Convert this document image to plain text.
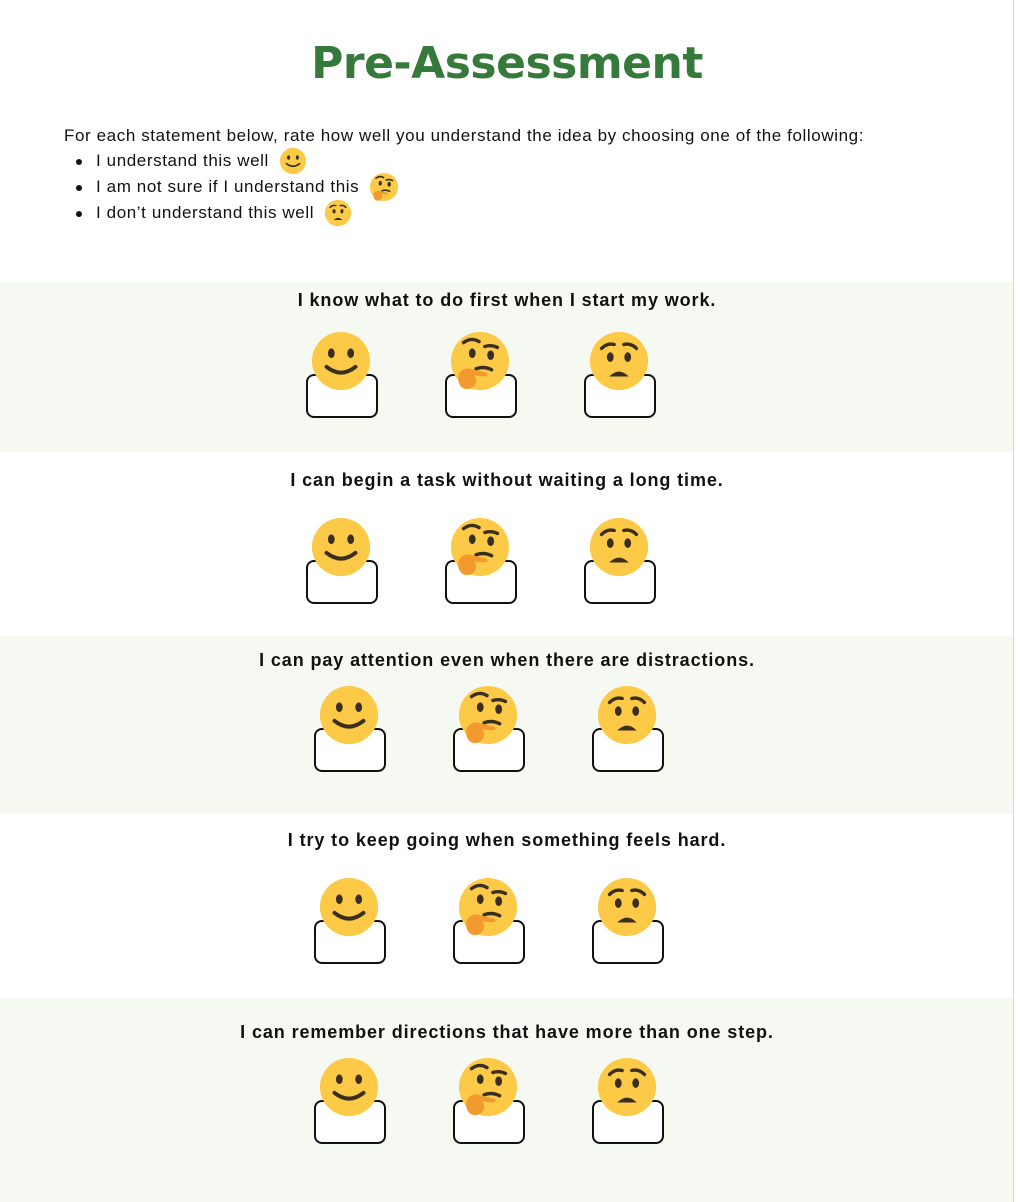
Pre-Assessment
For each statement below, rate how well you understand the idea by choosing one of the following:
I understand this well
I am not sure if I understand this
I don’t understand this well
I know what to do first when I start my work.
I can begin a task without waiting a long time.
I can pay attention even when there are distractions.
I try to keep going when something feels hard.
I can remember directions that have more than one step.
